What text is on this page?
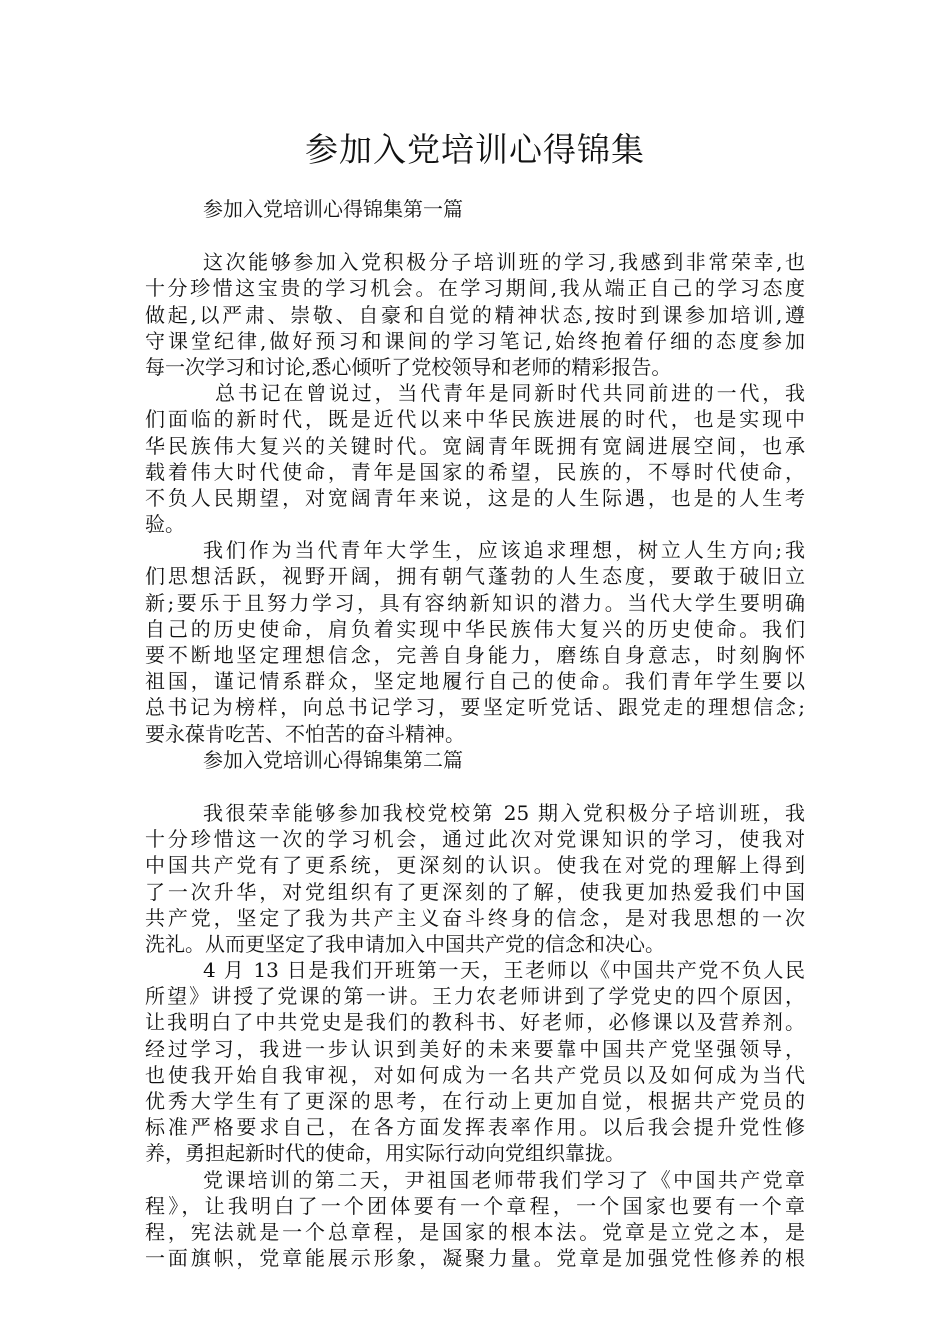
参加入党培训心得锦集
参加入党培训心得锦集第一篇
这次能够参加入党积极分子培训班的学习,我感到非常荣幸,也
十分珍惜这宝贵的学习机会。在学习期间,我从端正自己的学习态度
做起,以严肃、崇敬、自豪和自觉的精神状态,按时到课参加培训,遵
守课堂纪律,做好预习和课间的学习笔记,始终抱着仔细的态度参加
每一次学习和讨论,悉心倾听了党校领导和老师的精彩报告。
总书记在曾说过，当代青年是同新时代共同前进的一代，我
们面临的新时代，既是近代以来中华民族进展的时代，也是实现中
华民族伟大复兴的关键时代。宽阔青年既拥有宽阔进展空间，也承
载着伟大时代使命，青年是国家的希望，民族的，不辱时代使命，
不负人民期望，对宽阔青年来说，这是的人生际遇，也是的人生考
验。
我们作为当代青年大学生，应该追求理想，树立人生方向;我
们思想活跃，视野开阔，拥有朝气蓬勃的人生态度，要敢于破旧立
新;要乐于且努力学习，具有容纳新知识的潜力。当代大学生要明确
自己的历史使命，肩负着实现中华民族伟大复兴的历史使命。我们
要不断地坚定理想信念，完善自身能力，磨练自身意志，时刻胸怀
祖国，谨记情系群众，坚定地履行自己的使命。我们青年学生要以
总书记为榜样，向总书记学习，要坚定听党话、跟党走的理想信念;
要永葆肯吃苦、不怕苦的奋斗精神。
参加入党培训心得锦集第二篇
我很荣幸能够参加我校党校第 25 期入党积极分子培训班，我
十分珍惜这一次的学习机会，通过此次对党课知识的学习，使我对
中国共产党有了更系统，更深刻的认识。使我在对党的理解上得到
了一次升华，对党组织有了更深刻的了解，使我更加热爱我们中国
共产党，坚定了我为共产主义奋斗终身的信念，是对我思想的一次
洗礼。从而更坚定了我申请加入中国共产党的信念和决心。
4 月 13 日是我们开班第一天，王老师以《中国共产党不负人民
所望》讲授了党课的第一讲。王力农老师讲到了学党史的四个原因，
让我明白了中共党史是我们的教科书、好老师，必修课以及营养剂。
经过学习，我进一步认识到美好的未来要靠中国共产党坚强领导，
也使我开始自我审视，对如何成为一名共产党员以及如何成为当代
优秀大学生有了更深的思考，在行动上更加自觉，根据共产党员的
标准严格要求自己，在各方面发挥表率作用。以后我会提升党性修
养，勇担起新时代的使命，用实际行动向党组织靠拢。
党课培训的第二天，尹祖国老师带我们学习了《中国共产党章
程》，让我明白了一个团体要有一个章程，一个国家也要有一个章
程，宪法就是一个总章程，是国家的根本法。党章是立党之本，是
一面旗帜，党章能展示形象，凝聚力量。党章是加强党性修养的根
